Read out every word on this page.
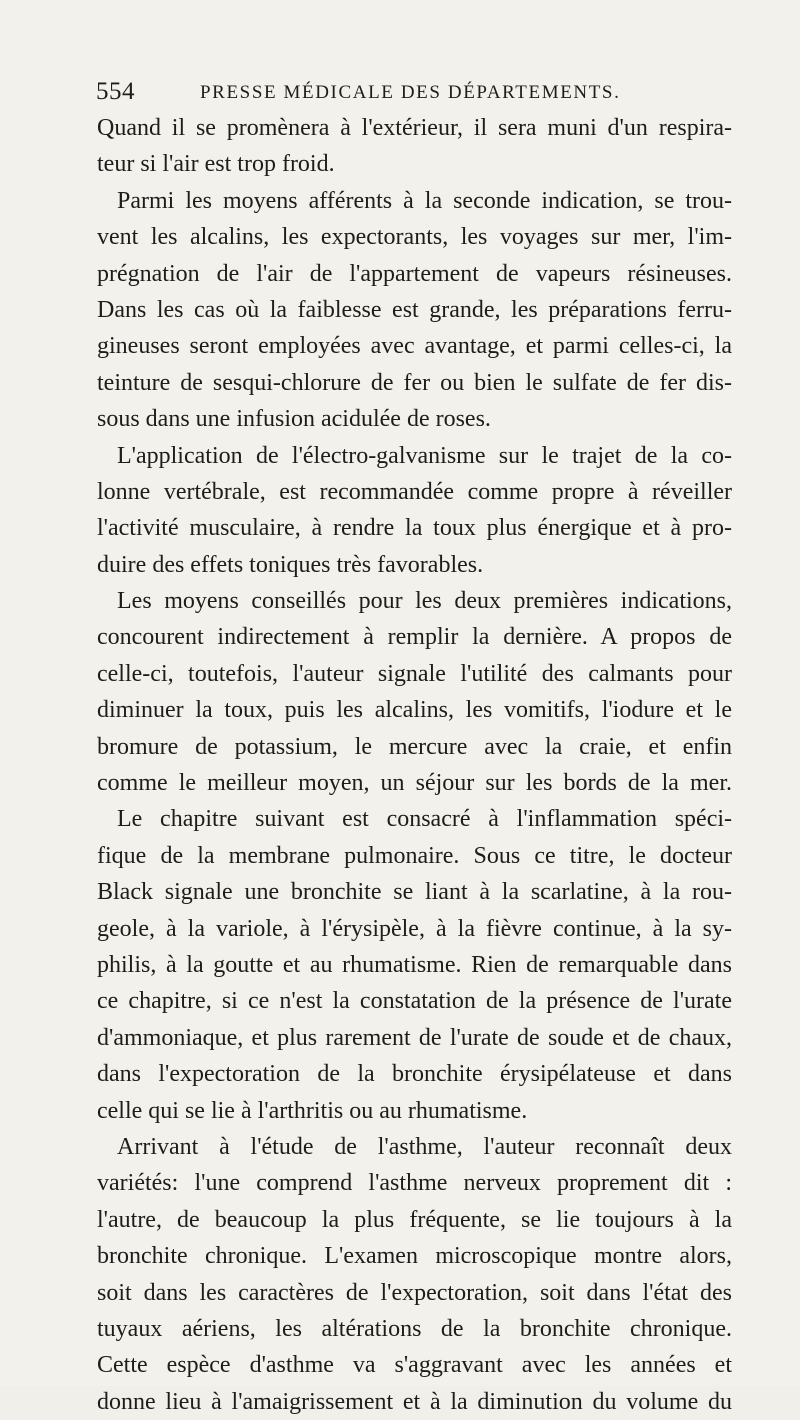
554	PRESSE MÉDICALE DES DÉPARTEMENTS.
Quand il se promènera à l'extérieur, il sera muni d'un respira-
teur si l'air est trop froid.
Parmi les moyens afférents à la seconde indication, se trou-
vent les alcalins, les expectorants, les voyages sur mer, l'im-
prégnation de l'air de l'appartement de vapeurs résineuses.
Dans les cas où la faiblesse est grande, les préparations ferru-
gineuses seront employées avec avantage, et parmi celles-ci, la
teinture de sesqui-chlorure de fer ou bien le sulfate de fer dis-
sous dans une infusion acidulée de roses.
L'application de l'électro-galvanisme sur le trajet de la co-
lonne vertébrale, est recommandée comme propre à réveiller
l'activité musculaire, à rendre la toux plus énergique et à pro-
duire des effets toniques très favorables.
Les moyens conseillés pour les deux premières indications,
concourent indirectement à remplir la dernière. A propos de
celle-ci, toutefois, l'auteur signale l'utilité des calmants pour
diminuer la toux, puis les alcalins, les vomitifs, l'iodure et le
bromure de potassium, le mercure avec la craie, et enfin
comme le meilleur moyen, un séjour sur les bords de la mer.
Le chapitre suivant est consacré à l'inflammation spéci-
fique de la membrane pulmonaire. Sous ce titre, le docteur
Black signale une bronchite se liant à la scarlatine, à la rou-
geole, à la variole, à l'érysipèle, à la fièvre continue, à la sy-
philis, à la goutte et au rhumatisme. Rien de remarquable dans
ce chapitre, si ce n'est la constatation de la présence de l'urate
d'ammoniaque, et plus rarement de l'urate de soude et de chaux,
dans l'expectoration de la bronchite érysipélateuse et dans
celle qui se lie à l'arthritis ou au rhumatisme.
Arrivant à l'étude de l'asthme, l'auteur reconnaît deux
variétés: l'une comprend l'asthme nerveux proprement dit :
l'autre, de beaucoup la plus fréquente, se lie toujours à la
bronchite chronique. L'examen microscopique montre alors,
soit dans les caractères de l'expectoration, soit dans l'état des
tuyaux aériens, les altérations de la bronchite chronique.
Cette espèce d'asthme va s'aggravant avec les années et
donne lieu à l'amaigrissement et à la diminution du volume du
